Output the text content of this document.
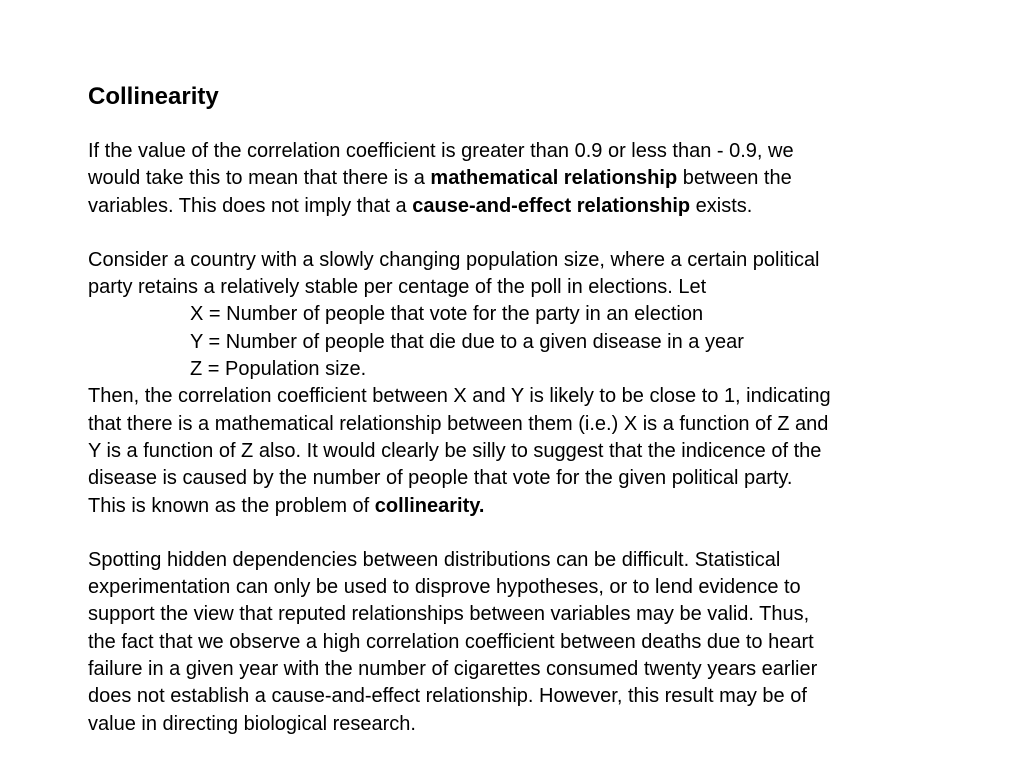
Collinearity
If the value of the correlation coefficient is greater than 0.9 or less than - 0.9, we
would take this to mean that there is a mathematical relationship between the
variables. This does not imply that a cause-and-effect relationship exists.
Consider a country with a slowly changing population size, where a certain political
party retains a relatively stable per centage of the poll in elections. Let
X = Number of people that vote for the party in an election
Y = Number of people that die due to a given disease in a year
Z = Population size.
Then, the correlation coefficient between X and Y is likely to be close to 1, indicating
that there is a mathematical relationship between them (i.e.) X is a function of Z and
Y is a function of Z also. It would clearly be silly to suggest that the indicence of the
disease is caused by the number of people that vote for the given political party.
This is known as the problem of collinearity.
Spotting hidden dependencies between distributions can be difficult. Statistical
experimentation can only be used to disprove hypotheses, or to lend evidence to
support the view that reputed relationships between variables may be valid. Thus,
the fact that we observe a high correlation coefficient between deaths due to heart
failure in a given year with the number of cigarettes consumed twenty years earlier
does not establish a cause-and-effect relationship. However, this result may be of
value in directing biological research.
